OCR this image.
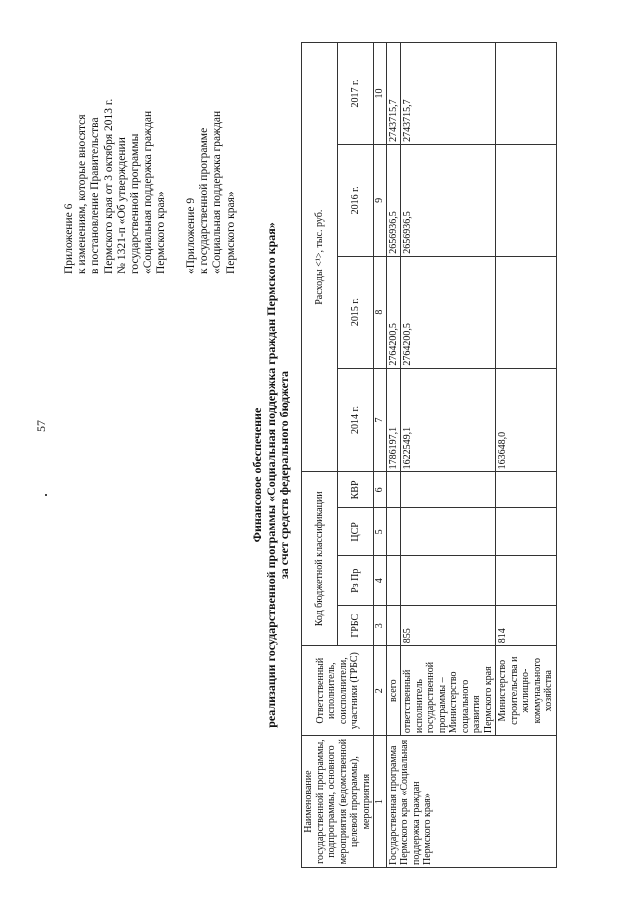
57
Приложение 6 к изменениям, которые вносятся в постановление Правительства Пермского края от 3 октября 2013 г. № 1321-п «Об утверждении государственной программы «Социальная поддержка граждан Пермского края» «Приложение 9 к государственной программе «Социальная поддержка граждан Пермского края»
Финансовое обеспечение реализации государственной программы «Социальная поддержка граждан Пермского края» за счет средств федерального бюджета
Наименование государственной программы, подпрограммы, основного мероприятия (ведомственной целевой программы), мероприятия	Ответственный исполнитель, соисполнители, участники (ГРБС)	Код бюджетной классификации				Расходы <¹>, тыс. руб.			
		ГРБС	Рз Пр	ЦСР	КВР	2014 г.	2015 г.	2016 г.	2017 г.
1	2	3	4	5	6	7	8	9	10
Государственная программа Пермского края «Социальная поддержка граждан Пермского края»	всего					1786197,1	2764200,5	2656936,5	2743715,7
	ответственный исполнитель государственной программы – Министерство социального развития Пермского края	855				1622549,1	2764200,5	2656936,5	2743715,7
	Министерство строительства и жилищно-коммунального хозяйства	814				163648,0			
